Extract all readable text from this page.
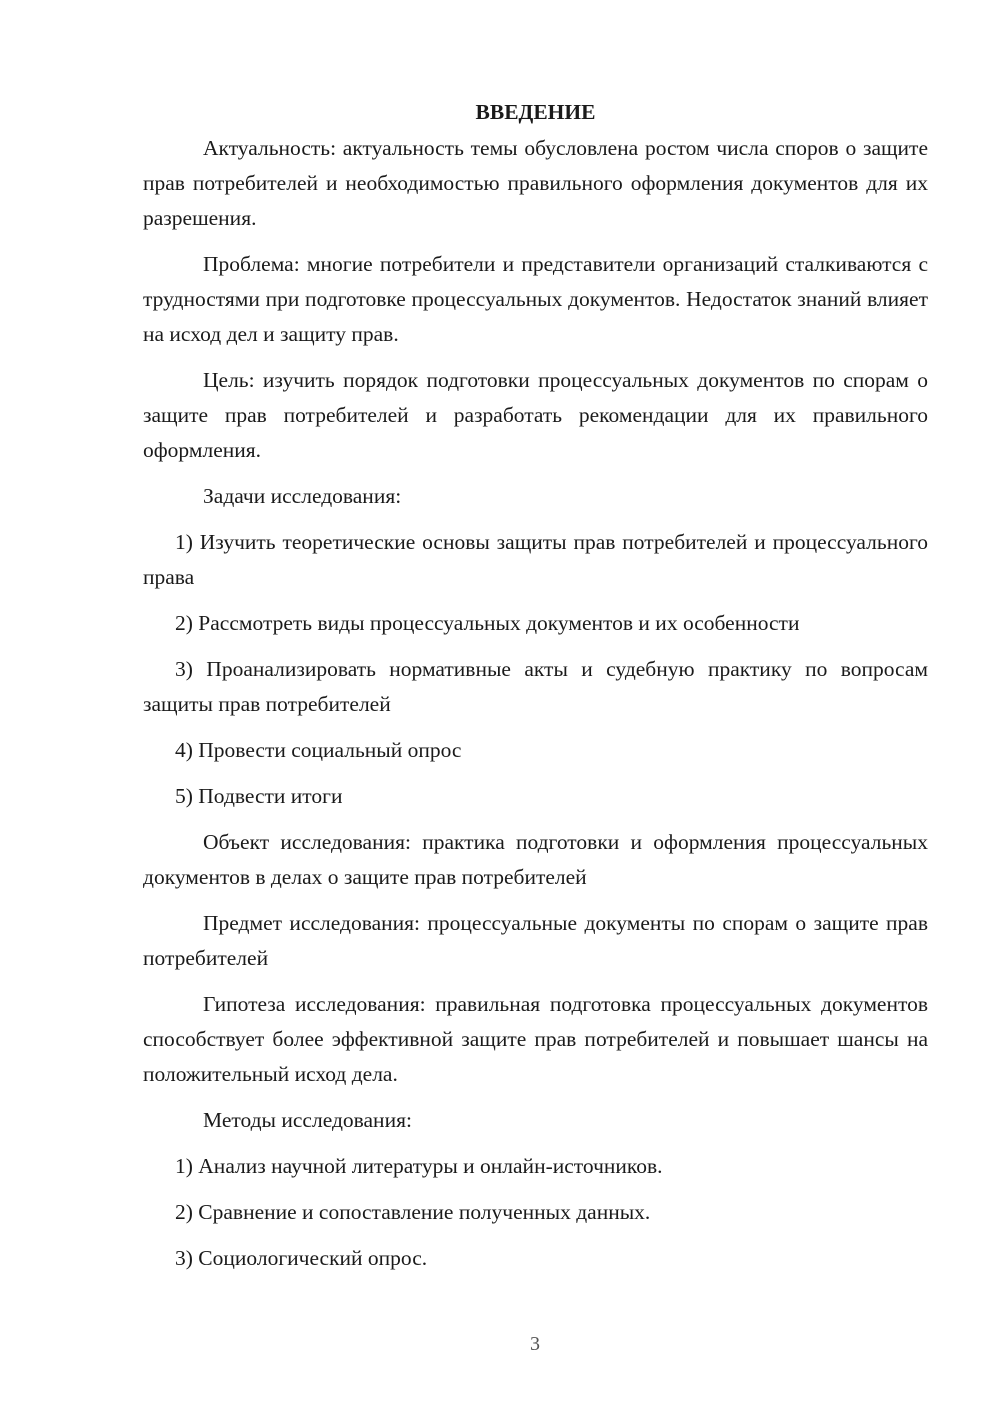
ВВЕДЕНИЕ

Актуальность: актуальность темы обусловлена ростом числа споров о защите прав потребителей и необходимостью правильного оформления документов для их разрешения.

Проблема: многие потребители и представители организаций сталкиваются с трудностями при подготовке процессуальных документов. Недостаток знаний влияет на исход дел и защиту прав.

Цель: изучить порядок подготовки процессуальных документов по спорам о защите прав потребителей и разработать рекомендации для их правильного оформления.

Задачи исследования:

1) Изучить теоретические основы защиты прав потребителей и процессуального права

2) Рассмотреть виды процессуальных документов и их особенности

3) Проанализировать нормативные акты и судебную практику по вопросам защиты прав потребителей

4) Провести социальный опрос

5) Подвести итоги

Объект исследования: практика подготовки и оформления процессуальных документов в делах о защите прав потребителей

Предмет исследования: процессуальные документы по спорам о защите прав потребителей

Гипотеза исследования: правильная подготовка процессуальных документов способствует более эффективной защите прав потребителей и повышает шансы на положительный исход дела.

Методы исследования:

1) Анализ научной литературы и онлайн-источников.

2) Сравнение и сопоставление полученных данных.

3) Социологический опрос.

3
